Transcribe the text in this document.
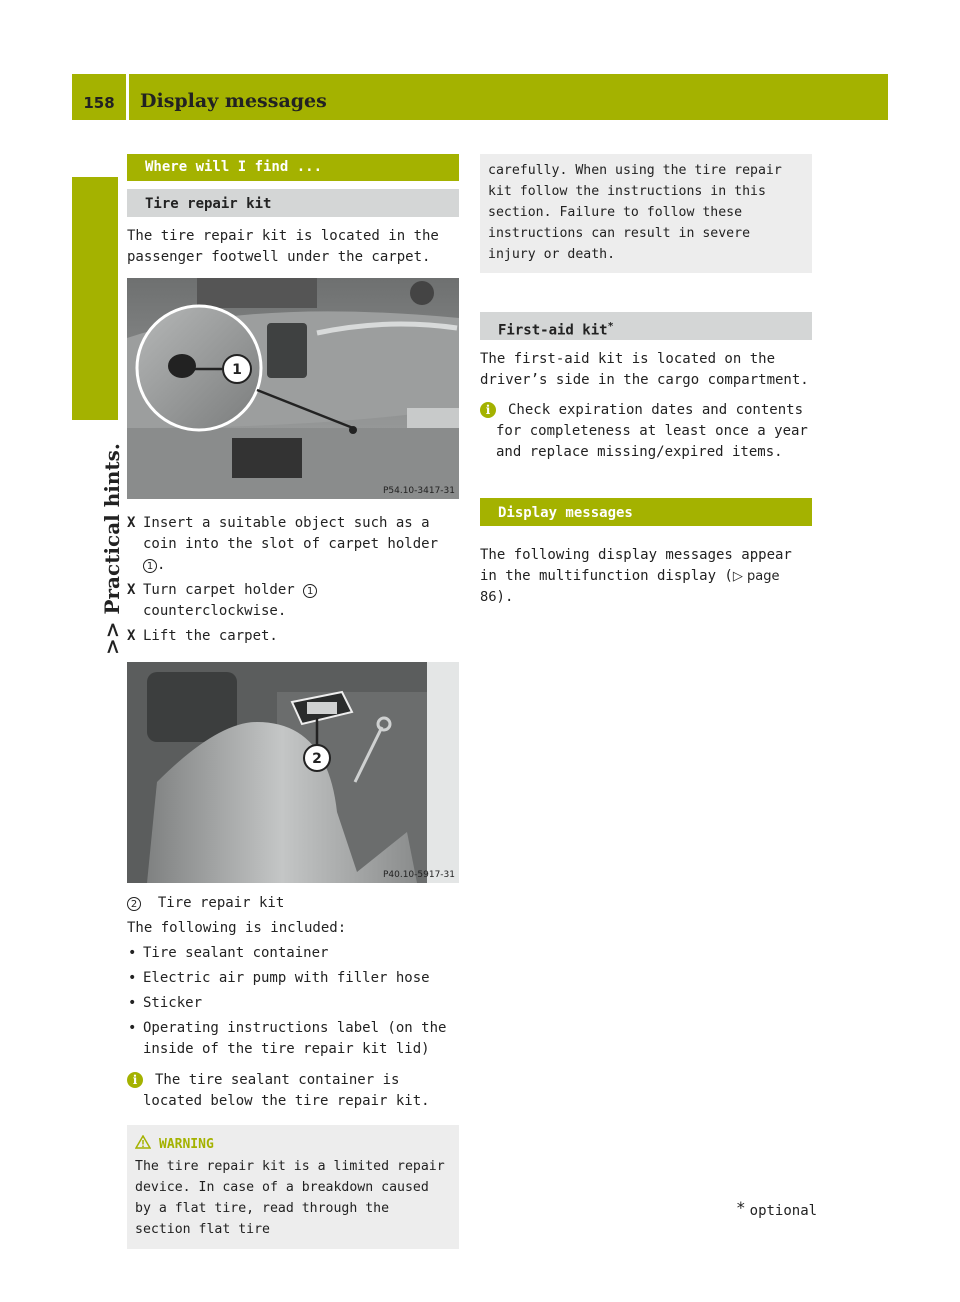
158	Display messages
>> Practical hints.
Where will I find ...
Tire repair kit

The tire repair kit is located in the passenger footwell under the carpet.

1
P54.10-3417-31

X Insert a suitable object such as a coin into the slot of carpet holder 1 .

X Turn carpet holder 1 counterclockwise.

X Lift the carpet.

2
P40.10-5917-31

2 Tire repair kit

The following is included:

• Tire sealant container

• Electric air pump with filler hose

• Sticker

• Operating instructions label (on the inside of the tire repair kit lid)

i	The tire sealant container is located below the tire repair kit.

WARNING

The tire repair kit is a limited repair device. In case of a breakdown caused by a flat tire, read through the section flat tire

carefully. When using the tire repair kit follow the instructions in this section. Failure to follow these instructions can result in severe injury or death.

First-aid kit*

The first-aid kit is located on the driver’s side in the cargo compartment.

i	Check expiration dates and contents for completeness at least once a year and replace missing/expired items.

Display messages

The following display messages appear in the multifunction display (▷ page 86).

* optional
